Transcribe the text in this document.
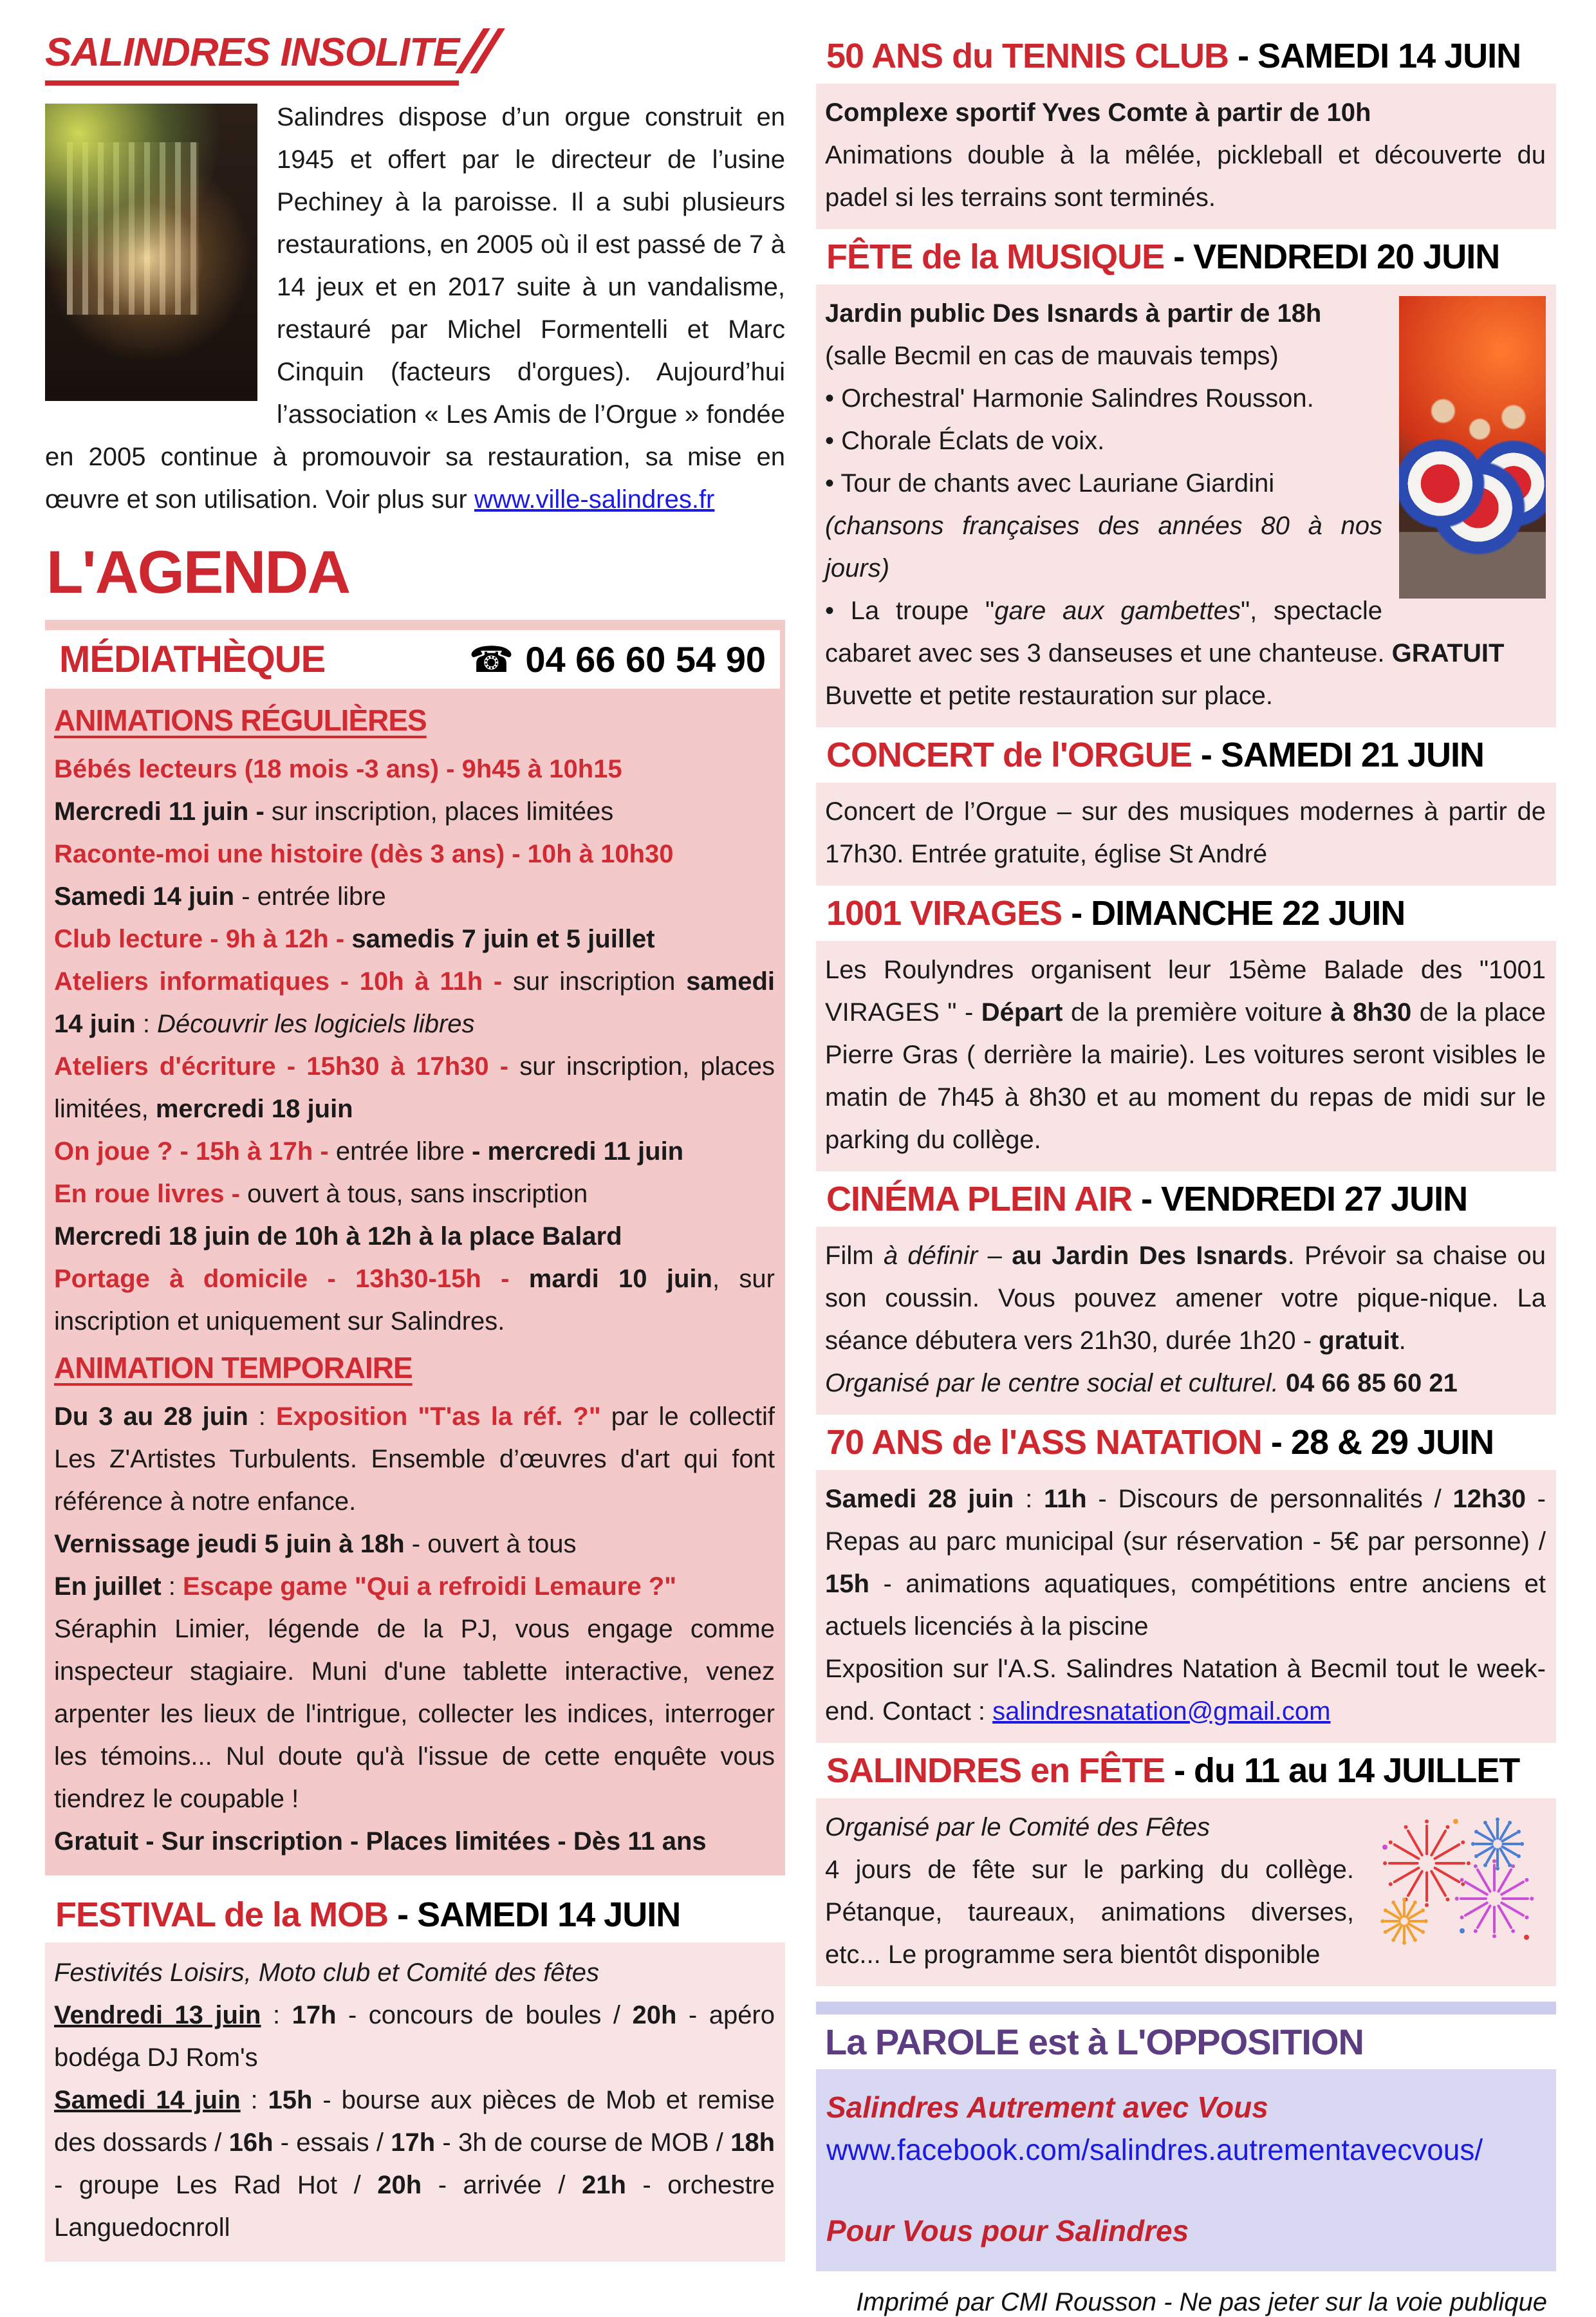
SALINDRES INSOLITE
Salindres dispose d’un orgue construit en 1945 et offert par le directeur de l’usine Pechiney à la paroisse. Il a subi plusieurs restaurations, en 2005 où il est passé de 7 à 14 jeux et en 2017 suite à un vandalisme, restauré par Michel Formentelli et Marc Cinquin (facteurs d'orgues). Aujourd’hui l’association « Les Amis de l’Orgue » fondée en 2005 continue à promouvoir sa restauration, sa mise en œuvre et son utilisation. Voir plus sur www.ville-salindres.fr
L'AGENDA
MÉDIATHÈQUE	☎ 04 66 60 54 90
ANIMATIONS RÉGULIÈRES
Bébés lecteurs (18 mois -3 ans) - 9h45 à 10h15
Mercredi 11 juin - sur inscription, places limitées
Raconte-moi une histoire (dès 3 ans) - 10h à 10h30
Samedi 14 juin - entrée libre
Club lecture - 9h à 12h - samedis 7 juin et 5 juillet
Ateliers informatiques - 10h à 11h - sur inscription samedi 14 juin : Découvrir les logiciels libres
Ateliers d'écriture - 15h30 à 17h30 - sur inscription, places limitées, mercredi 18 juin
On joue ? - 15h à 17h - entrée libre - mercredi 11 juin
En roue livres - ouvert à tous, sans inscription
Mercredi 18 juin de 10h à 12h à la place Balard
Portage à domicile - 13h30-15h - mardi 10 juin, sur inscription et uniquement sur Salindres.
ANIMATION TEMPORAIRE
Du 3 au 28 juin : Exposition "T'as la réf. ?" par le collectif Les Z'Artistes Turbulents. Ensemble d’œuvres d'art qui font référence à notre enfance.
Vernissage jeudi 5 juin à 18h - ouvert à tous
En juillet : Escape game "Qui a refroidi Lemaure ?"
Séraphin Limier, légende de la PJ, vous engage comme inspecteur stagiaire. Muni d'une tablette interactive, venez arpenter les lieux de l'intrigue, collecter les indices, interroger les témoins... Nul doute qu'à l'issue de cette enquête vous tiendrez le coupable !
Gratuit - Sur inscription - Places limitées - Dès 11 ans
FESTIVAL de la MOB - SAMEDI 14 JUIN
Festivités Loisirs, Moto club et Comité des fêtes
Vendredi 13 juin : 17h - concours de boules / 20h - apéro bodéga DJ Rom's
Samedi 14 juin : 15h - bourse aux pièces de Mob et remise des dossards / 16h - essais / 17h - 3h de course de MOB / 18h - groupe Les Rad Hot / 20h - arrivée / 21h - orchestre Languedocnroll
50 ANS du TENNIS CLUB - SAMEDI 14 JUIN
Complexe sportif Yves Comte à partir de 10h
Animations double à la mêlée, pickleball et découverte du padel si les terrains sont terminés.
FÊTE de la MUSIQUE - VENDREDI 20 JUIN
Jardin public Des Isnards à partir de 18h
(salle Becmil en cas de mauvais temps)
• Orchestral' Harmonie Salindres Rousson.
• Chorale Éclats de voix.
• Tour de chants avec Lauriane Giardini
(chansons françaises des années 80 à nos jours)
• La troupe "gare aux gambettes", spectacle cabaret avec ses 3 danseuses et une chanteuse. GRATUIT
Buvette et petite restauration sur place.
CONCERT de l'ORGUE - SAMEDI 21 JUIN
Concert de l’Orgue – sur des musiques modernes à partir de 17h30. Entrée gratuite, église St André
1001 VIRAGES - DIMANCHE 22 JUIN
Les Roulyndres organisent leur 15ème Balade des "1001 VIRAGES " - Départ de la première voiture à 8h30 de la place Pierre Gras ( derrière la mairie). Les voitures seront visibles le matin de 7h45 à 8h30 et au moment du repas de midi sur le parking du collège.
CINÉMA PLEIN AIR - VENDREDI 27 JUIN
Film à définir – au Jardin Des Isnards. Prévoir sa chaise ou son coussin. Vous pouvez amener votre pique-nique. La séance débutera vers 21h30, durée 1h20 - gratuit.
Organisé par le centre social et culturel. 04 66 85 60 21
70 ANS de l'ASS NATATION - 28 & 29 JUIN
Samedi 28 juin : 11h - Discours de personnalités / 12h30 - Repas au parc municipal (sur réservation - 5€ par personne) / 15h - animations aquatiques, compétitions entre anciens et actuels licenciés à la piscine
Exposition sur l'A.S. Salindres Natation à Becmil tout le week-end. Contact : salindresnatation@gmail.com
SALINDRES en FÊTE - du 11 au 14 JUILLET
Organisé par le Comité des Fêtes
4 jours de fête sur le parking du collège. Pétanque, taureaux, animations diverses, etc... Le programme sera bientôt disponible
La PAROLE est à L'OPPOSITION
Salindres Autrement avec Vous
www.facebook.com/salindres.autrementavecvous/
Pour Vous pour Salindres
Imprimé par CMI Rousson - Ne pas jeter sur la voie publique
